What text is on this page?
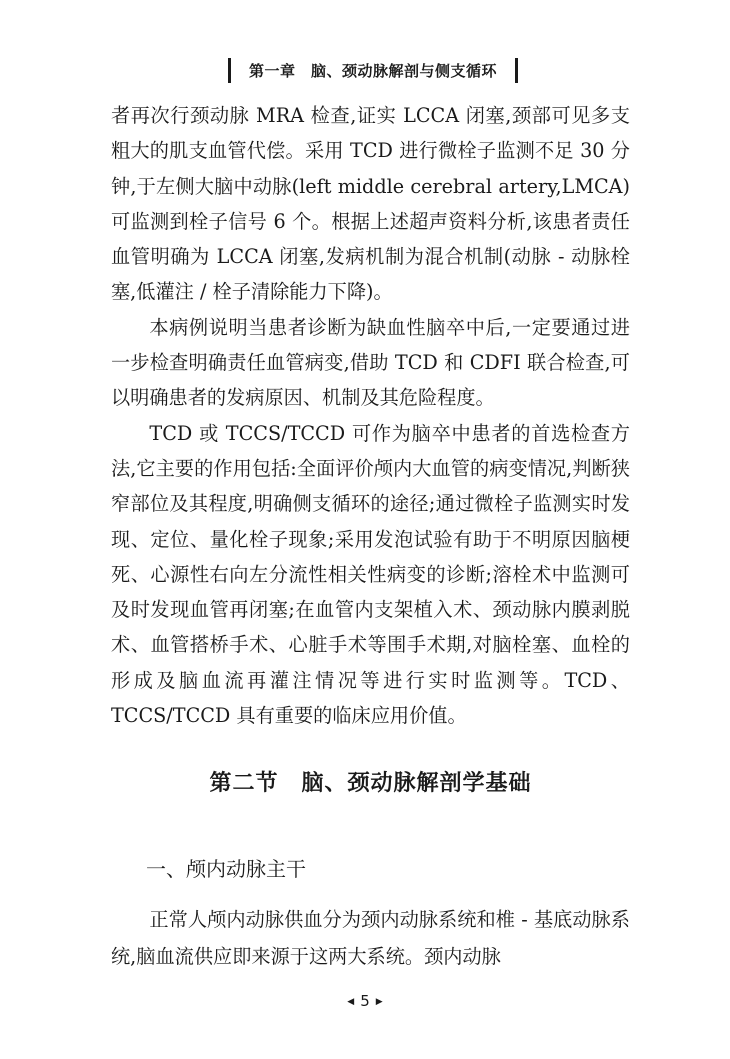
第一章　脑、颈动脉解剖与侧支循环

者再次行颈动脉 MRA 检查,证实 LCCA 闭塞,颈部可见多支粗大的肌支血管代偿。采用 TCD 进行微栓子监测不足 30 分钟,于左侧大脑中动脉(left middle cerebral artery,LMCA)可监测到栓子信号 6 个。根据上述超声资料分析,该患者责任血管明确为 LCCA 闭塞,发病机制为混合机制(动脉 - 动脉栓塞,低灌注 / 栓子清除能力下降)。

本病例说明当患者诊断为缺血性脑卒中后,一定要通过进一步检查明确责任血管病变,借助 TCD 和 CDFI 联合检查,可以明确患者的发病原因、机制及其危险程度。

TCD 或 TCCS/TCCD 可作为脑卒中患者的首选检查方法,它主要的作用包括:全面评价颅内大血管的病变情况,判断狭窄部位及其程度,明确侧支循环的途径;通过微栓子监测实时发现、定位、量化栓子现象;采用发泡试验有助于不明原因脑梗死、心源性右向左分流性相关性病变的诊断;溶栓术中监测可及时发现血管再闭塞;在血管内支架植入术、颈动脉内膜剥脱术、血管搭桥手术、心脏手术等围手术期,对脑栓塞、血栓的形成及脑血流再灌注情况等进行实时监测等。TCD、TCCS/TCCD 具有重要的临床应用价值。

第二节　脑、颈动脉解剖学基础
一、颅内动脉主干

正常人颅内动脉供血分为颈内动脉系统和椎 - 基底动脉系统,脑血流供应即来源于这两大系统。颈内动脉

◀ 5 ▶
